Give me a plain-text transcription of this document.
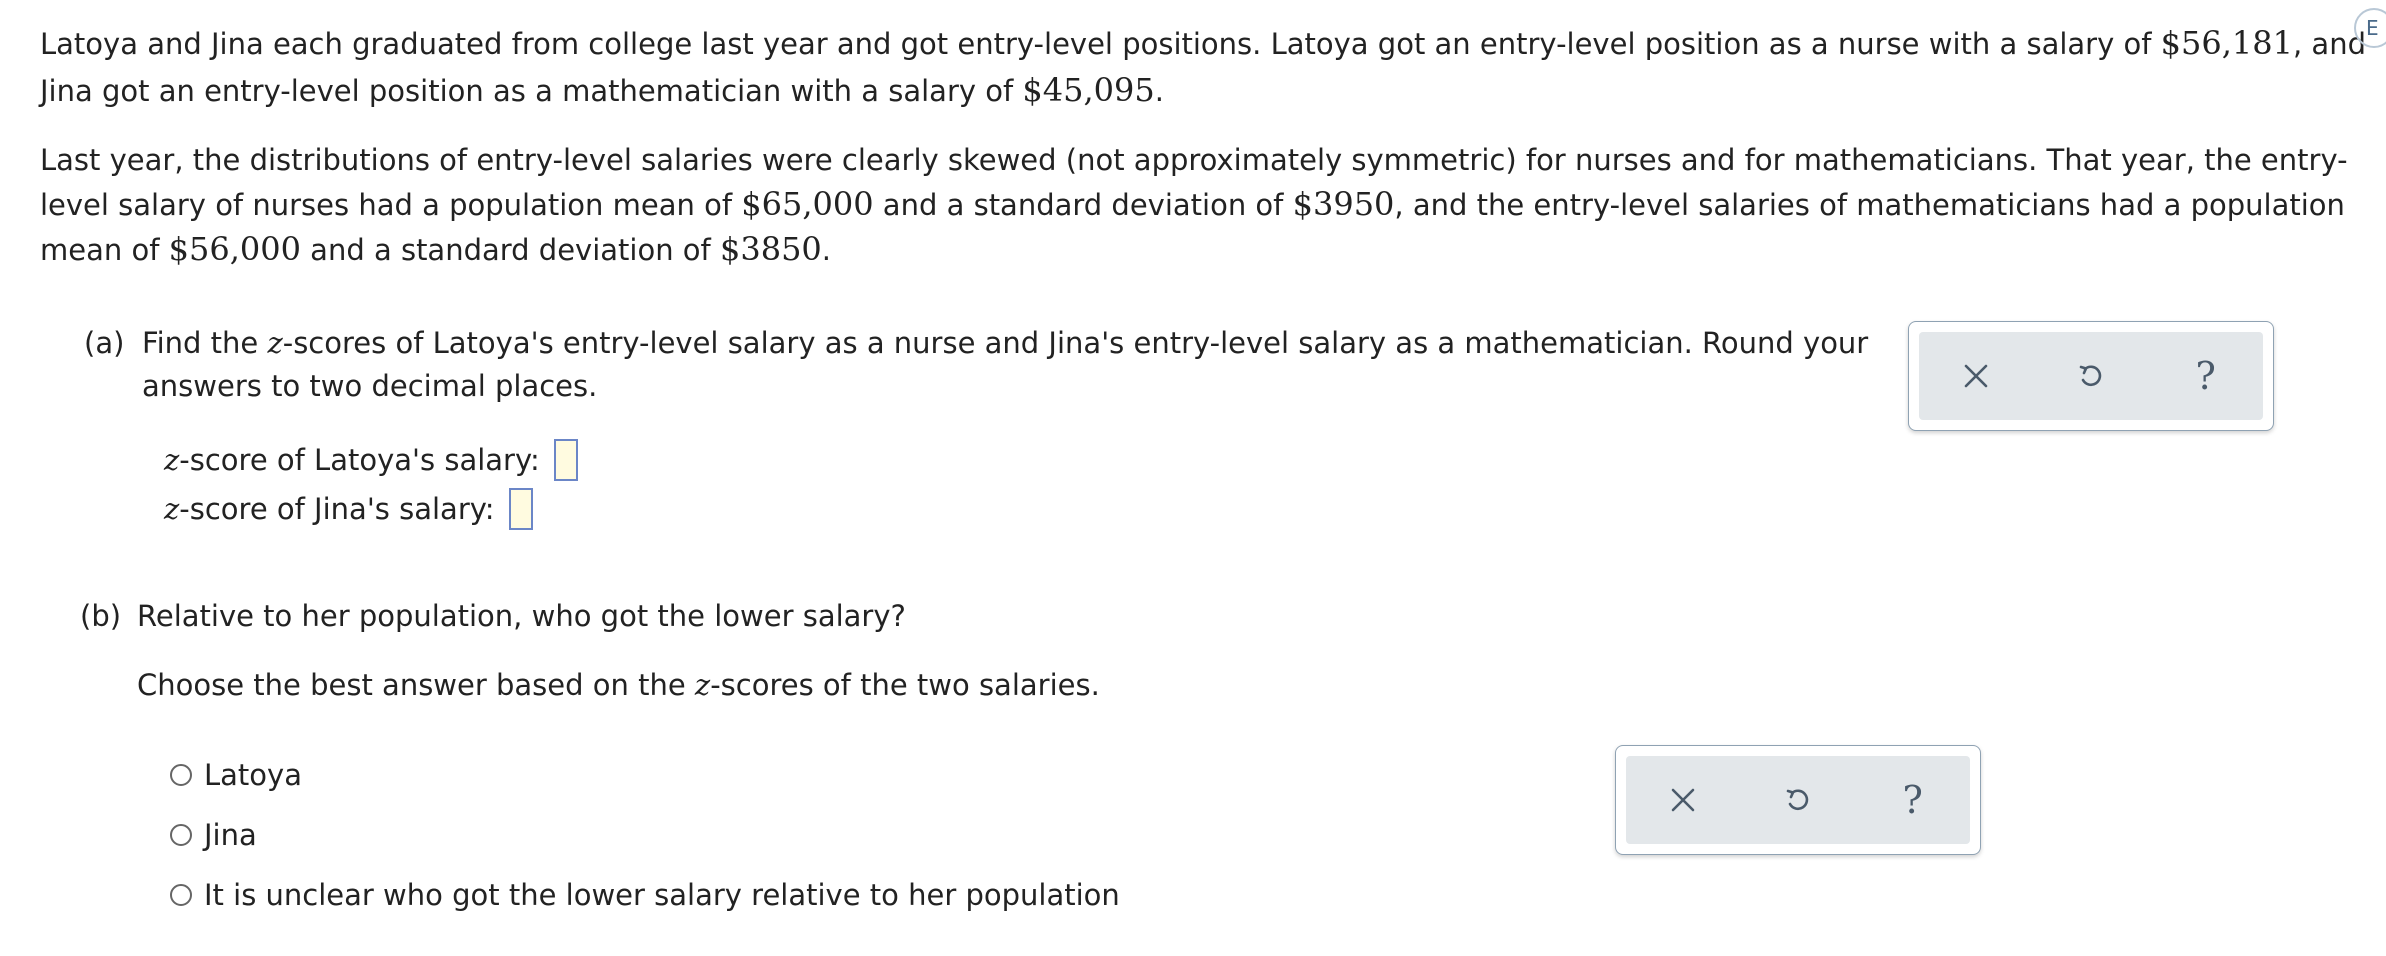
Latoya and Jina each graduated from college last year and got entry-level positions. Latoya got an entry-level position as a nurse with a salary of $56,181, and
Jina got an entry-level position as a mathematician with a salary of $45,095.
Last year, the distributions of entry-level salaries were clearly skewed (not approximately symmetric) for nurses and for mathematicians. That year, the entry-
level salary of nurses had a population mean of $65,000 and a standard deviation of $3950, and the entry-level salaries of mathematicians had a population
mean of $56,000 and a standard deviation of $3850.
(a) Find the z-scores of Latoya's entry-level salary as a nurse and Jina's entry-level salary as a mathematician. Round your
answers to two decimal places.
z-score of Latoya's salary:
z-score of Jina's salary:
?
(b) Relative to her population, who got the lower salary?
Choose the best answer based on the z-scores of the two salaries.
Latoya
Jina
It is unclear who got the lower salary relative to her population
?
E
